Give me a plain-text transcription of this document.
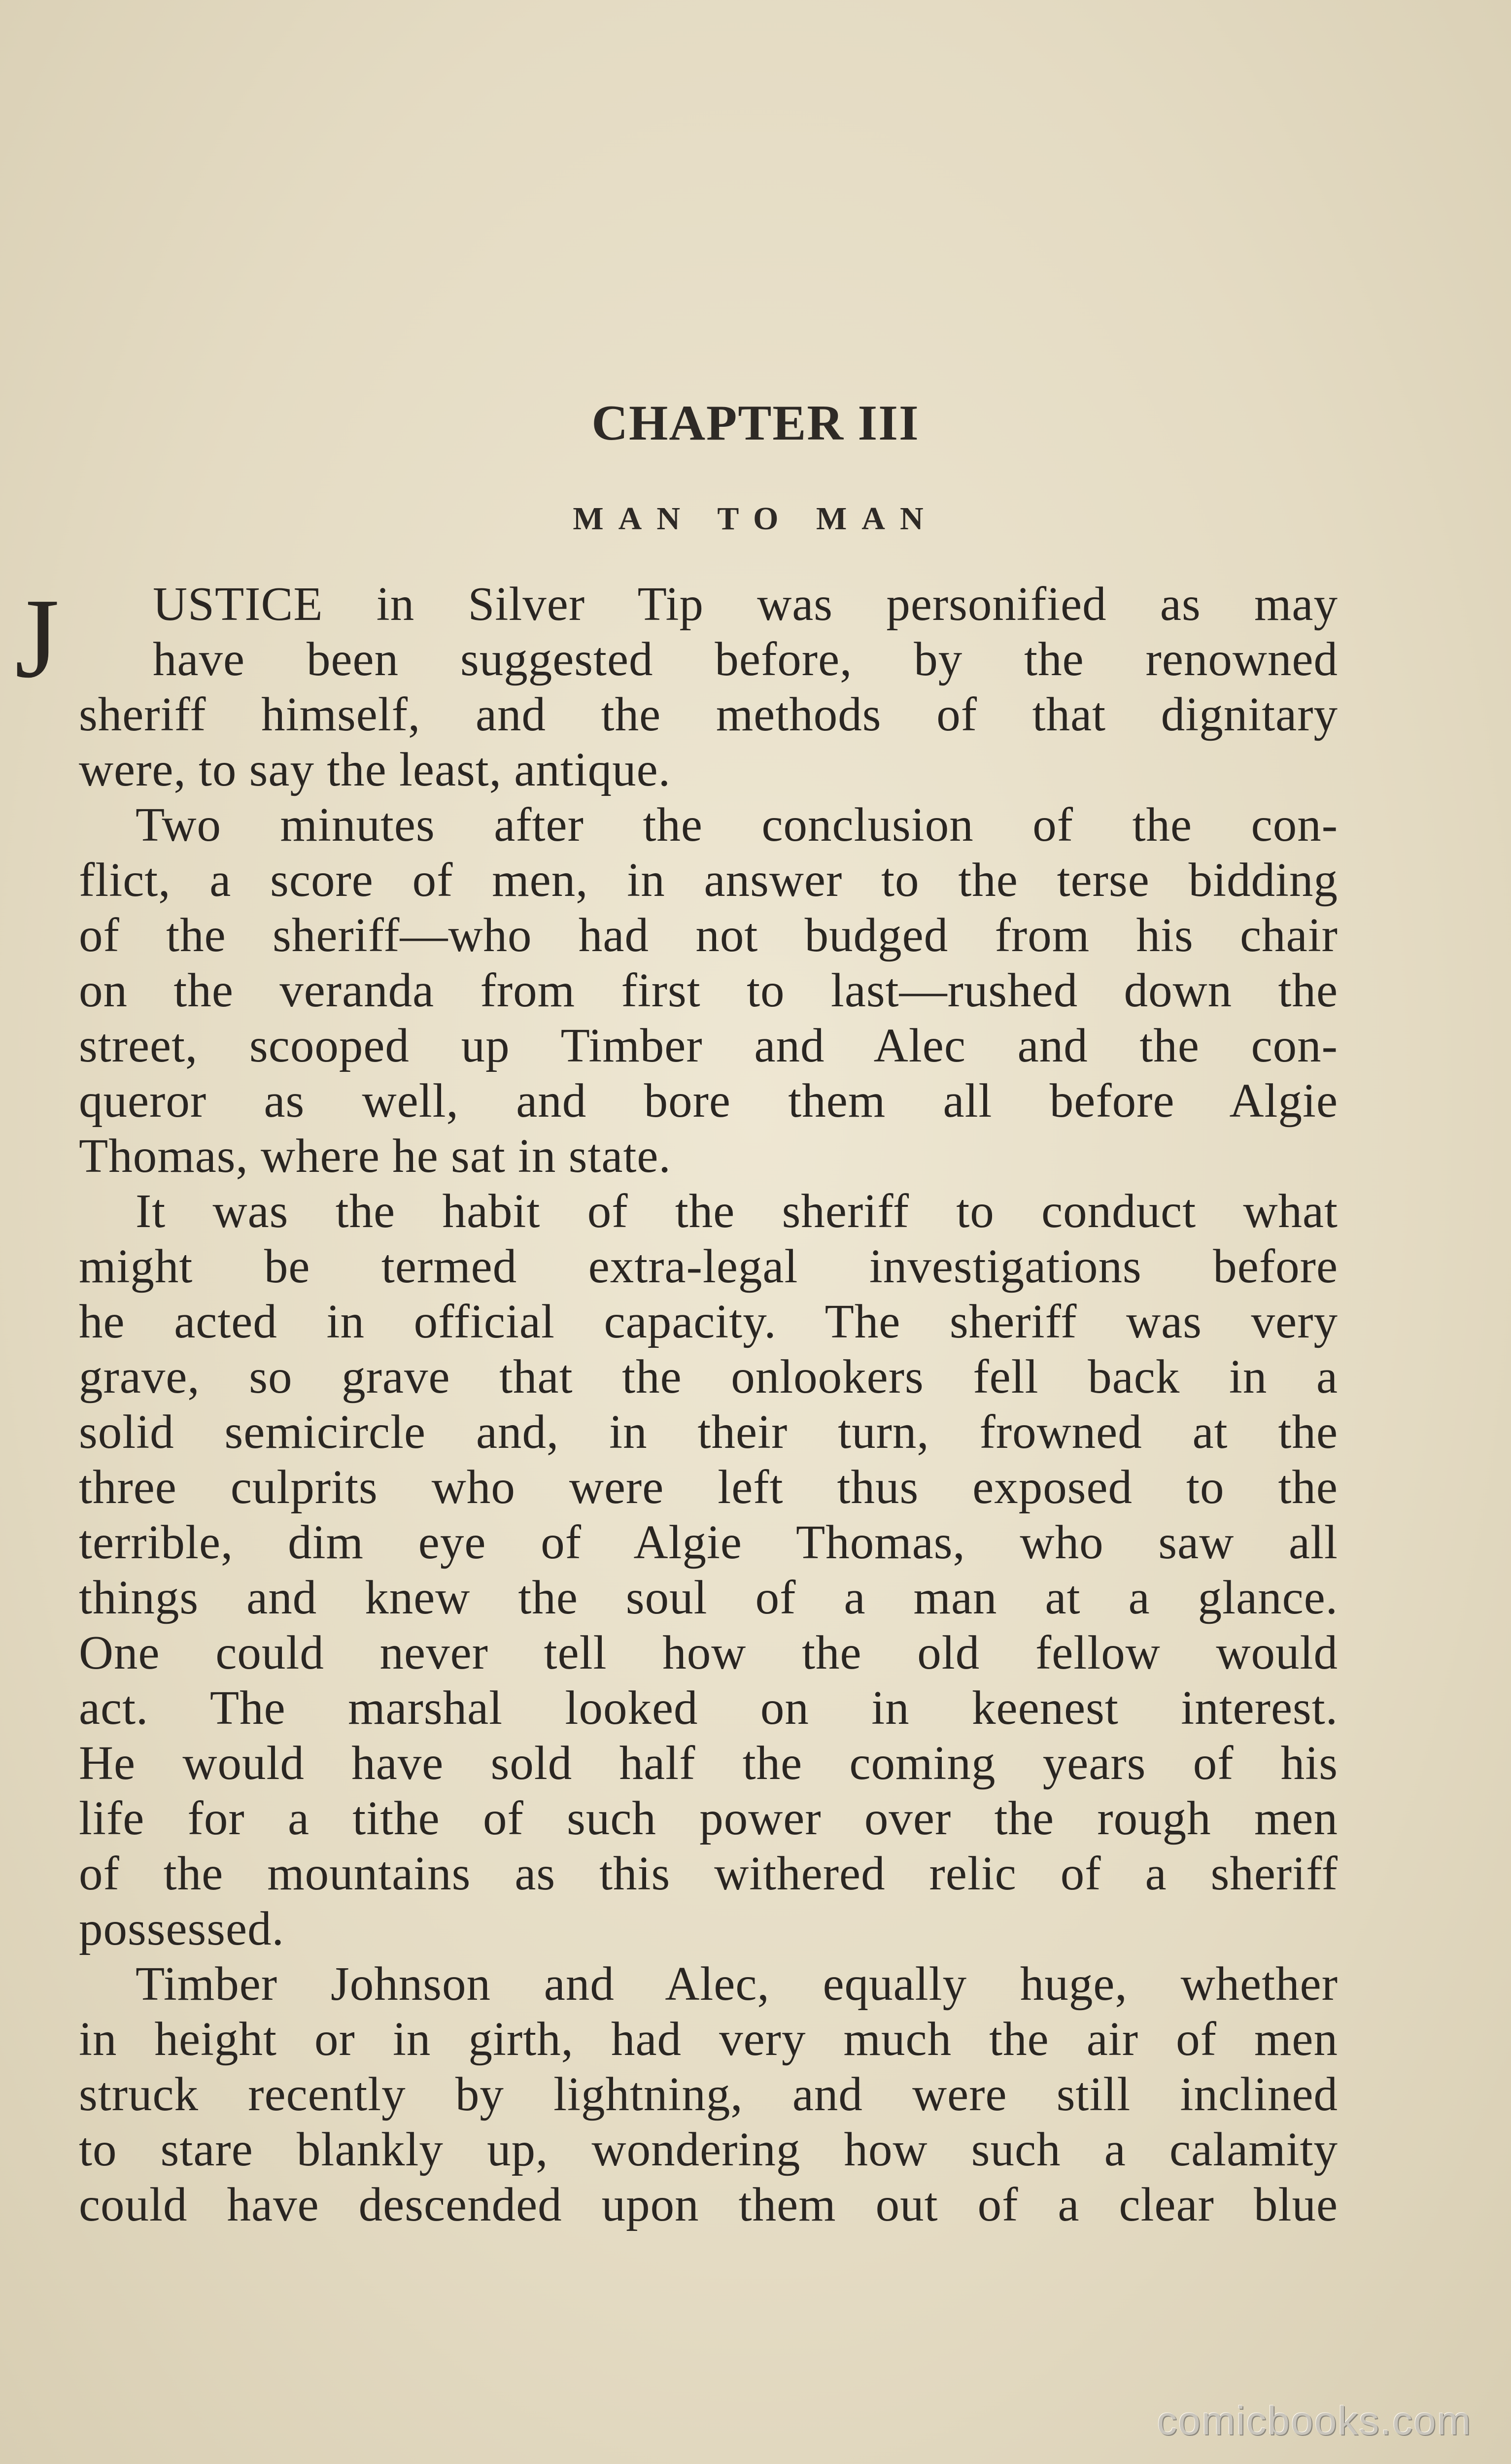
CHAPTER III
MAN TO MAN
J USTICE in Silver Tip was personified as may
have been suggested before, by the renowned
sheriff himself, and the methods of that dignitary
were, to say the least, antique.
Two minutes after the conclusion of the con-
flict, a score of men, in answer to the terse bidding
of the sheriff—who had not budged from his chair
on the veranda from first to last—rushed down the
street, scooped up Timber and Alec and the con-
queror as well, and bore them all before Algie
Thomas, where he sat in state.
It was the habit of the sheriff to conduct what
might be termed extra-legal investigations before
he acted in official capacity. The sheriff was very
grave, so grave that the onlookers fell back in a
solid semicircle and, in their turn, frowned at the
three culprits who were left thus exposed to the
terrible, dim eye of Algie Thomas, who saw all
things and knew the soul of a man at a glance.
One could never tell how the old fellow would
act. The marshal looked on in keenest interest.
He would have sold half the coming years of his
life for a tithe of such power over the rough men
of the mountains as this withered relic of a sheriff
possessed.
Timber Johnson and Alec, equally huge, whether
in height or in girth, had very much the air of men
struck recently by lightning, and were still inclined
to stare blankly up, wondering how such a calamity
could have descended upon them out of a clear blue
comicbooks.com
